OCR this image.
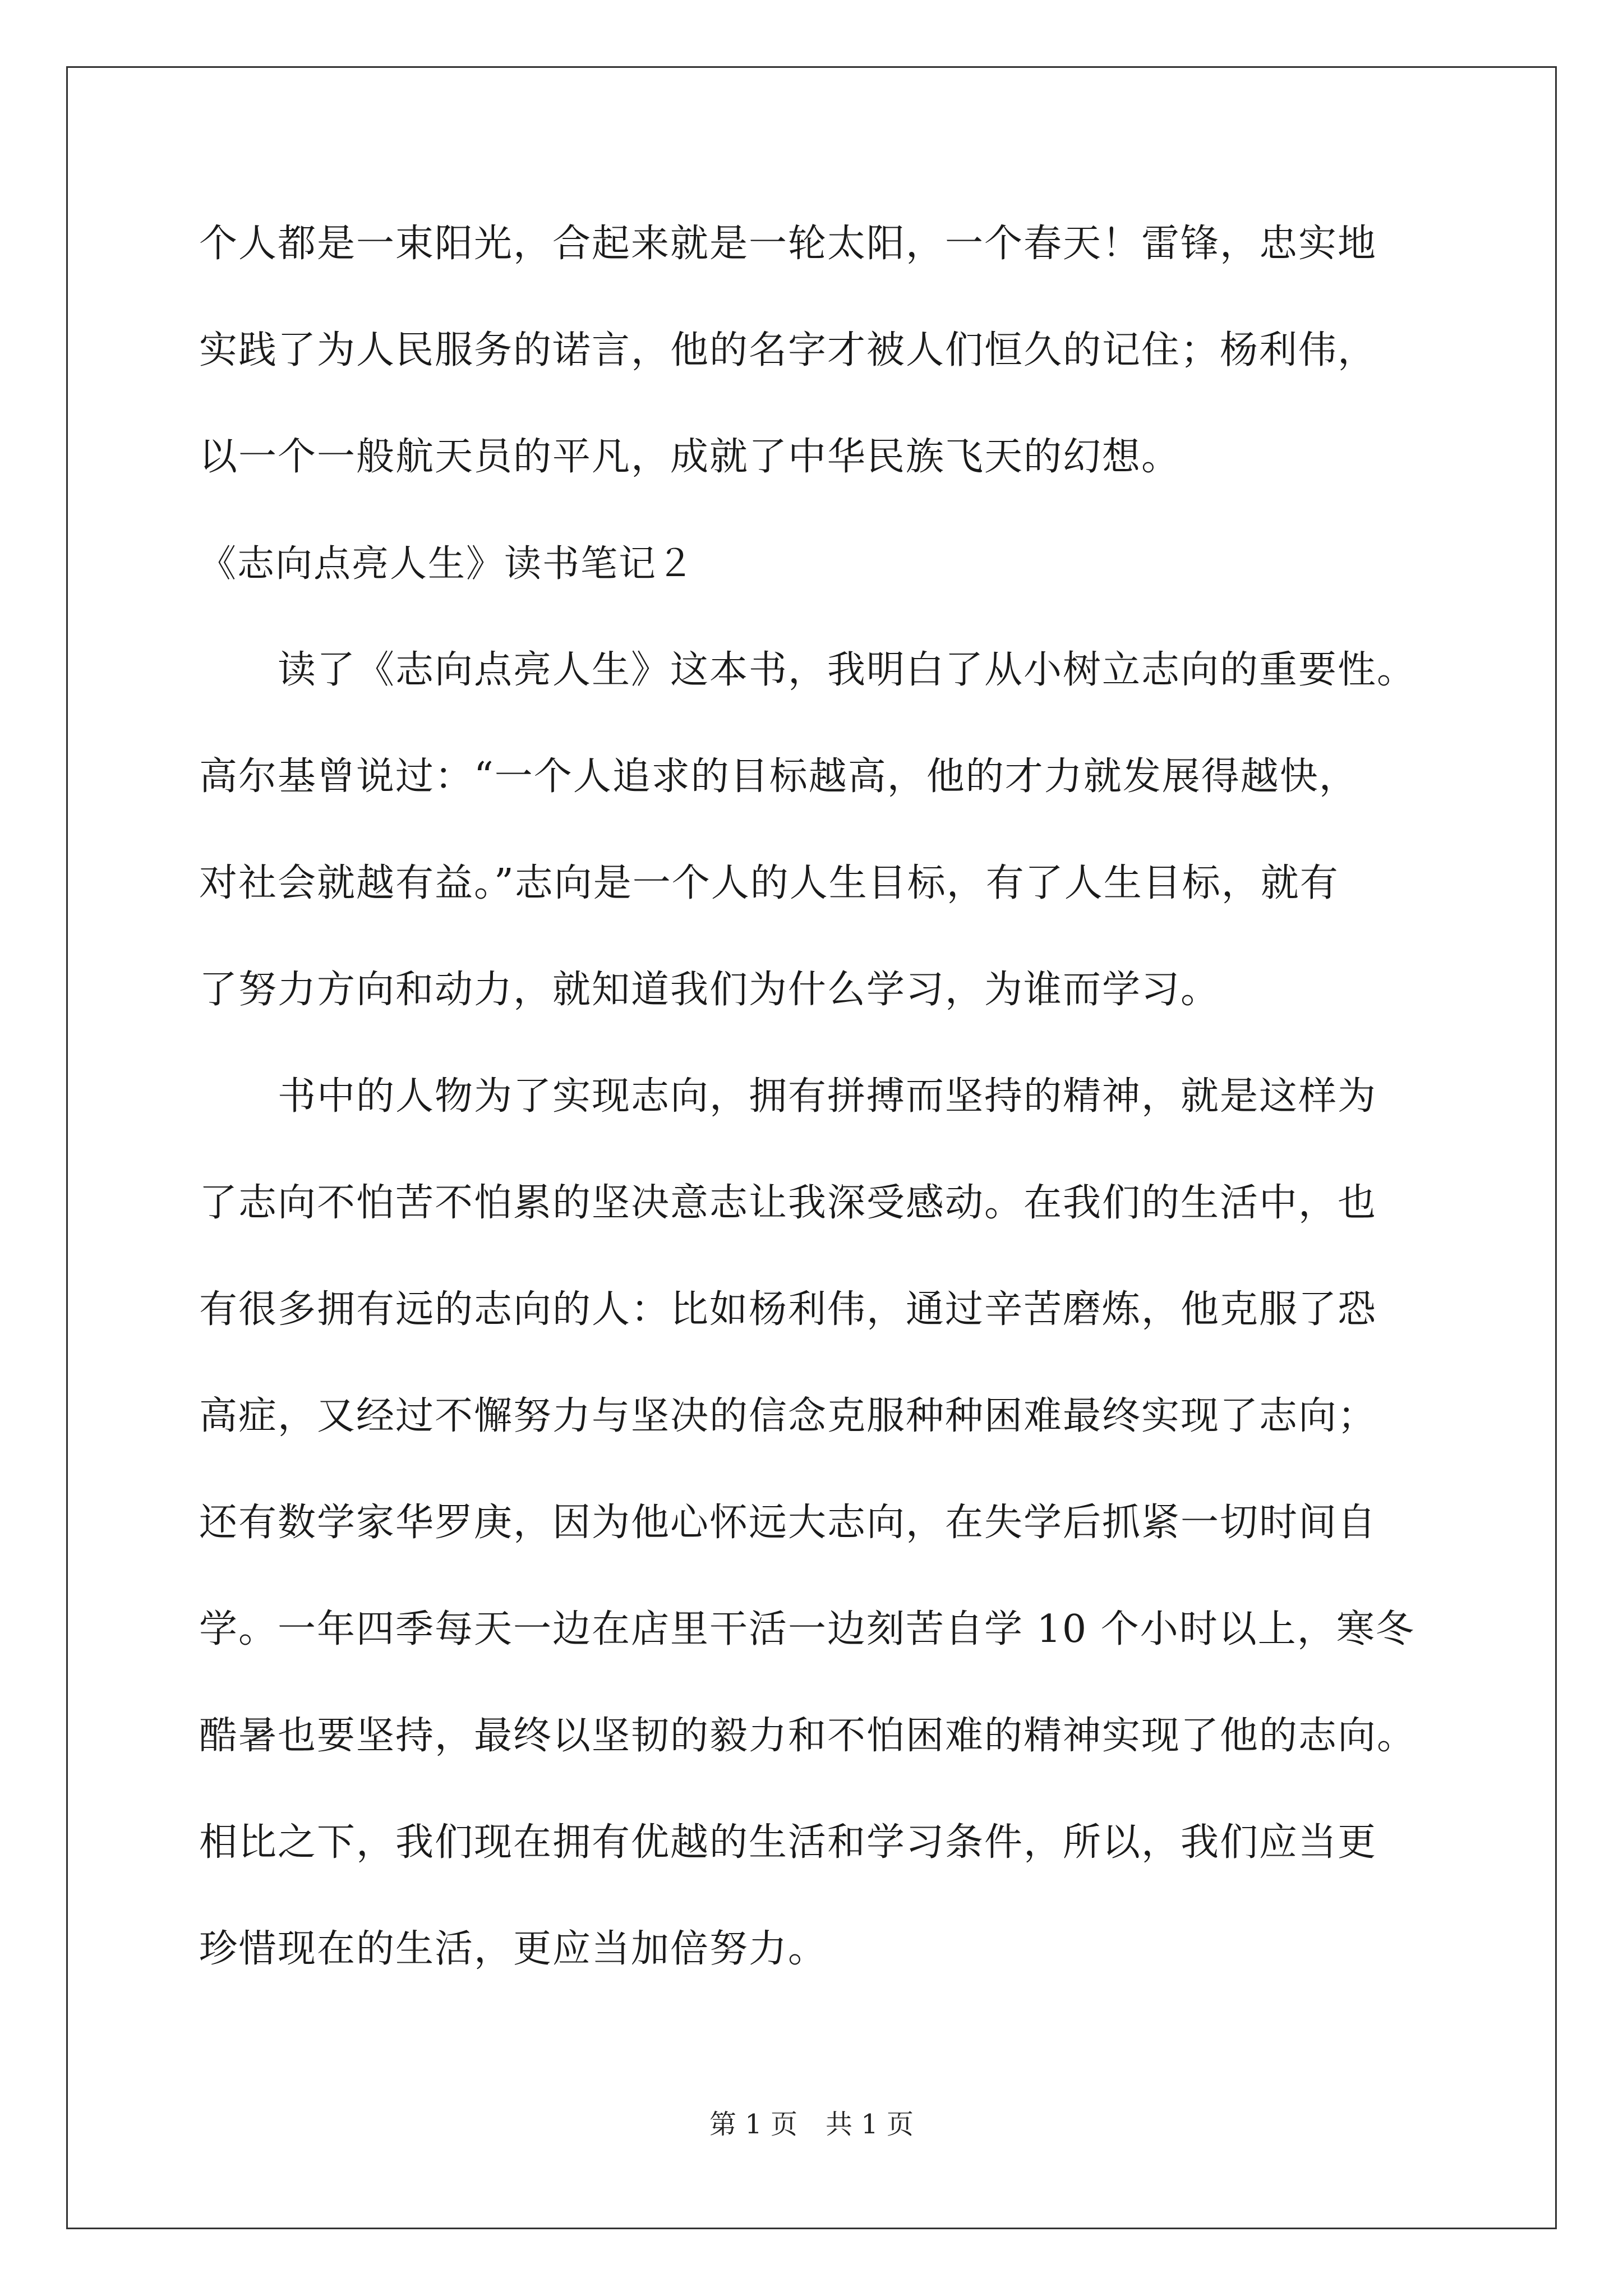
个人都是一束阳光，合起来就是一轮太阳，一个春天！雷锋，忠实地
实践了为人民服务的诺言，他的名字才被人们恒久的记住；杨利伟，
以一个一般航天员的平凡，成就了中华民族飞天的幻想。
《志向点亮人生》读书笔记２
读了《志向点亮人生》这本书，我明白了从小树立志向的重要性。
高尔基曾说过：“一个人追求的目标越高，他的才力就发展得越快，
对社会就越有益。”志向是一个人的人生目标，有了人生目标，就有
了努力方向和动力，就知道我们为什么学习，为谁而学习。
书中的人物为了实现志向，拥有拼搏而坚持的精神，就是这样为
了志向不怕苦不怕累的坚决意志让我深受感动。在我们的生活中，也
有很多拥有远的志向的人：比如杨利伟，通过辛苦磨炼，他克服了恐
高症，又经过不懈努力与坚决的信念克服种种困难最终实现了志向；
还有数学家华罗庚，因为他心怀远大志向，在失学后抓紧一切时间自
学。一年四季每天一边在店里干活一边刻苦自学 10 个小时以上，寒冬
酷暑也要坚持，最终以坚韧的毅力和不怕困难的精神实现了他的志向。
相比之下，我们现在拥有优越的生活和学习条件，所以，我们应当更
珍惜现在的生活，更应当加倍努力。
第 1 页 共 1 页
